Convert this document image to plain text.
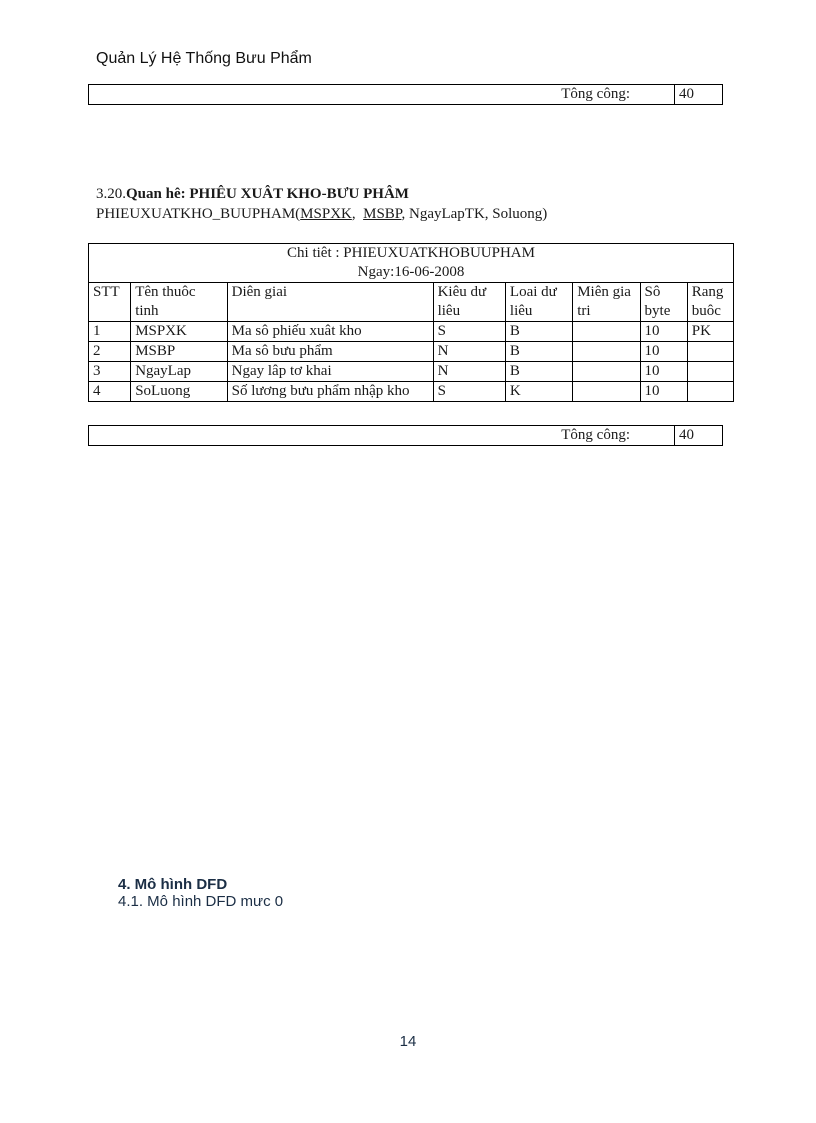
Quản Lý Hệ Thống Bưu Phẩm
Tông công:	40
3.20.Quan hê: PHIÊU XUÂT KHO-BƯU PHÂM
PHIEUXUATKHO_BUUPHAM(MSPXK,  MSBP, NgayLapTK, Soluong)
Chi tiêt : PHIEUXUATKHOBUUPHAM
Ngay:16-06-2008							

STT	Tên thuôc tinh	Diên giai	Kiêu dư liêu	Loai dư liêu	Miên gia tri	Sô byte	Rang buôc
1	MSPXK	Ma sô phiếu xuât kho	S	B		10	PK
2	MSBP	Ma sô bưu phẩm	N	B		10	
3	NgayLap	Ngay lâp tơ khai	N	B		10	
4	SoLuong	Số lương bưu phẩm nhập kho	S	K		10	
Tông công:	40
4. Mô hình DFD
4.1. Mô hình DFD mưc 0
14
